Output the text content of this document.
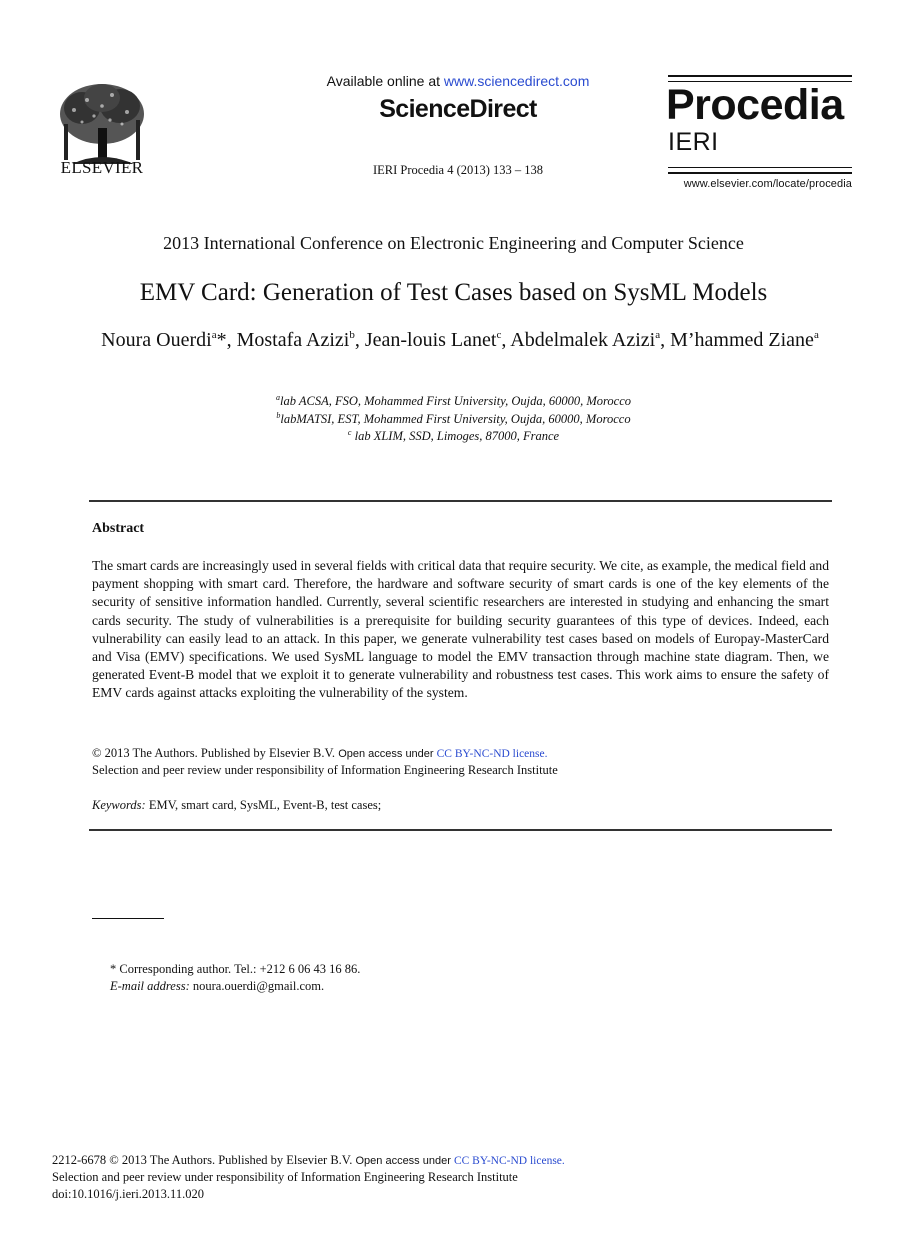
ELSEVIER
Available online at www.sciencedirect.com
ScienceDirect
IERI Procedia 4 (2013) 133 – 138
Procedia
IERI
www.elsevier.com/locate/procedia
2013 International Conference on Electronic Engineering and Computer Science
EMV Card: Generation of Test Cases based on SysML Models
Noura Ouerdi$^a$*, Mostafa Azizi$^b$, Jean-louis Lanet$^c$, Abdelmalek Azizi$^a$, M’hammed Ziane$^a$
$^a$lab ACSA, FSO, Mohammed First University, Oujda, 60000, Morocco
$^b$labMATSI, EST, Mohammed First University, Oujda, 60000, Morocco
$^c$ lab XLIM, SSD, Limoges, 87000, France
Abstract
The smart cards are increasingly used in several fields with critical data that require security. We cite, as example, the medical field and payment shopping with smart card. Therefore, the hardware and software security of smart cards is one of the key elements of the security of sensitive information handled. Currently, several scientific researchers are interested in studying and enhancing the smart cards security. The study of vulnerabilities is a prerequisite for building security guarantees of this type of devices. Indeed, each vulnerability can easily lead to an attack. In this paper, we generate vulnerability test cases based on models of Europay-MasterCard and Visa (EMV) specifications. We used SysML language to model the EMV transaction through machine state diagram. Then, we generated Event-B model that we exploit it to generate vulnerability and robustness test cases. This work aims to ensure the safety of EMV cards against attacks exploiting the vulnerability of the system.
© 2013 The Authors. Published by Elsevier B.V. Open access under CC BY-NC-ND license.
Selection and peer review under responsibility of Information Engineering Research Institute
Keywords: EMV, smart card, SysML, Event-B, test cases;
* Corresponding author. Tel.: +212 6 06 43 16 86.
E-mail address: noura.ouerdi@gmail.com.
2212-6678 © 2013 The Authors. Published by Elsevier B.V. Open access under CC BY-NC-ND license.
Selection and peer review under responsibility of Information Engineering Research Institute
doi:10.1016/j.ieri.2013.11.020
